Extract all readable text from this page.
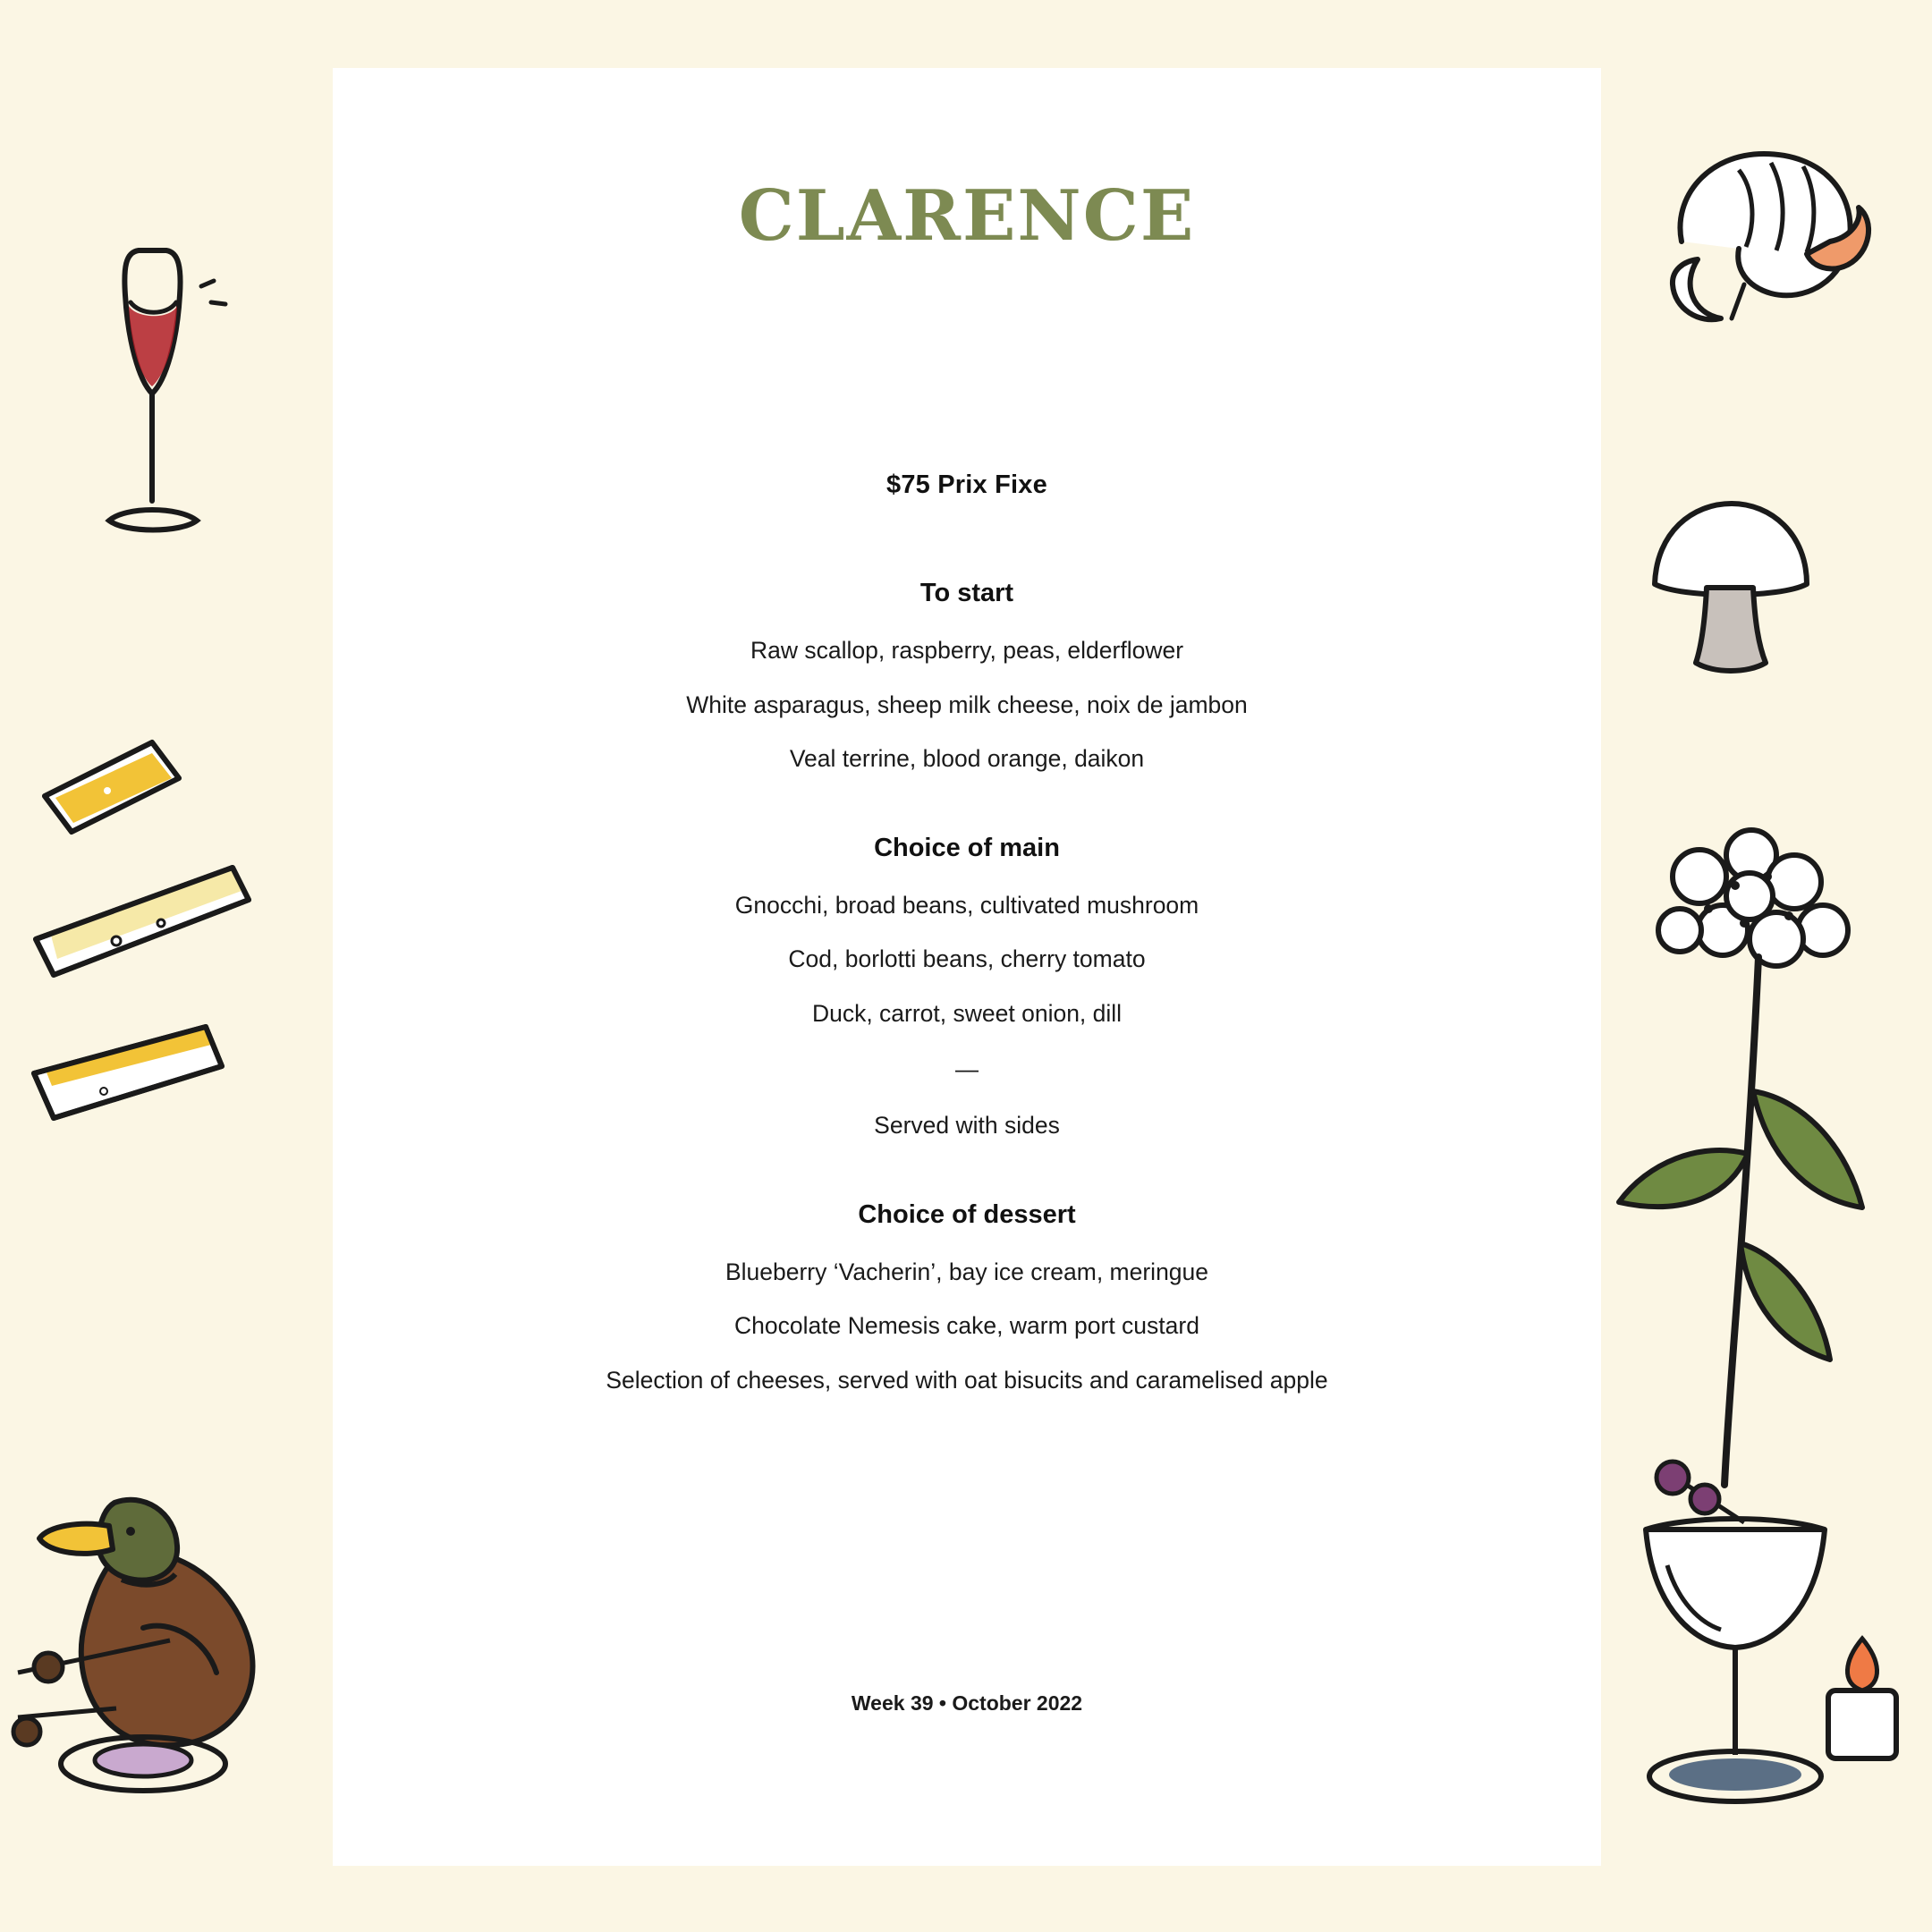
CLARENCE
$75 Prix Fixe
To start
Raw scallop, raspberry, peas, elderflower
White asparagus, sheep milk cheese, noix de jambon
Veal terrine, blood orange, daikon
Choice of main
Gnocchi, broad beans, cultivated mushroom
Cod, borlotti beans, cherry tomato
Duck, carrot, sweet onion, dill
—
Served with sides
Choice of dessert
Blueberry ‘Vacherin’, bay ice cream, meringue
Chocolate Nemesis cake, warm port custard
Selection of cheeses, served with oat bisucits and caramelised apple
Week 39 • October 2022
